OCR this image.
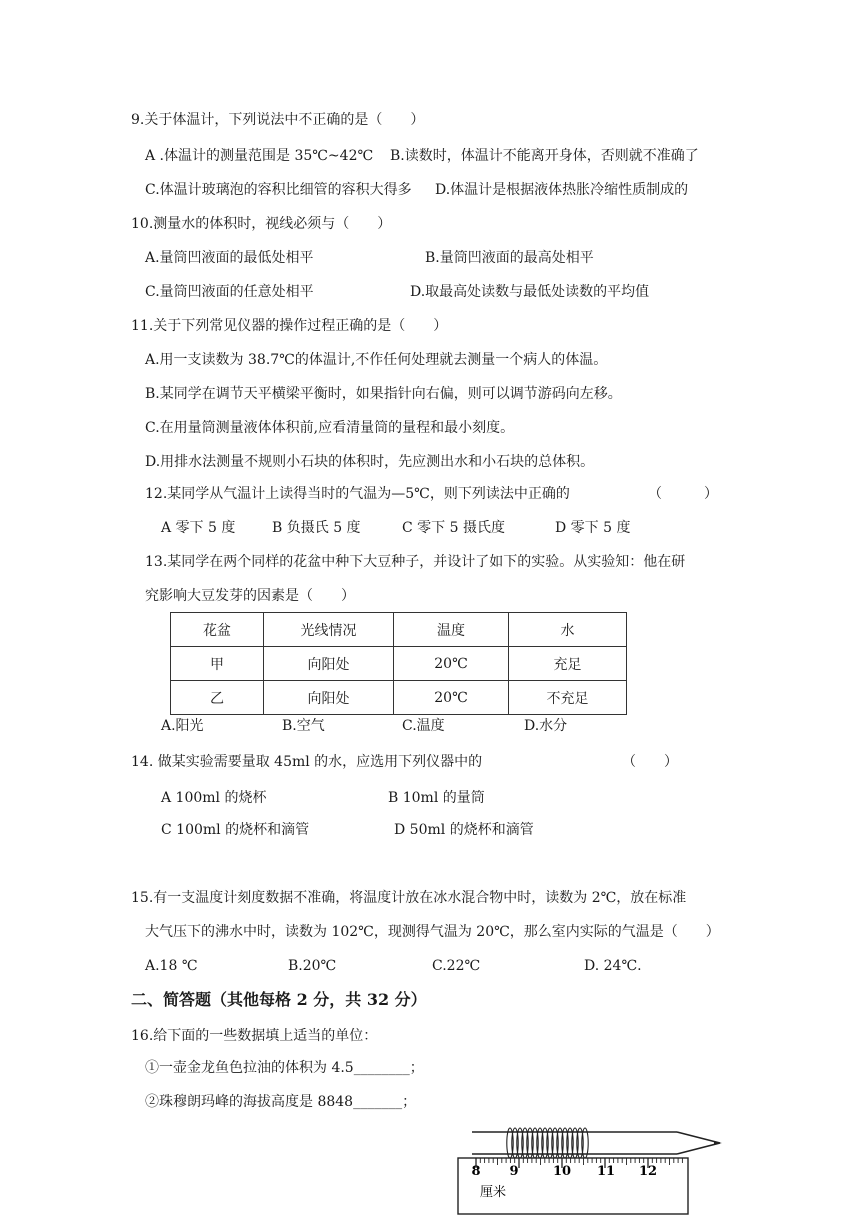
9.关于体温计，下列说法中不正确的是（　　）
A .体温计的测量范围是 35℃~42℃ B.读数时，体温计不能离开身体，否则就不准确了
C.体温计玻璃泡的容积比细管的容积大得多 D.体温计是根据液体热胀冷缩性质制成的
10.测量水的体积时，视线必须与（　　）
A.量筒凹液面的最低处相平	B.量筒凹液面的最高处相平
C.量筒凹液面的任意处相平	D.取最高处读数与最低处读数的平均值
11.关于下列常见仪器的操作过程正确的是（　　）
A.用一支读数为 38.7℃的体温计,不作任何处理就去测量一个病人的体温。
B.某同学在调节天平横梁平衡时，如果指针向右偏，则可以调节游码向左移。
C.在用量筒测量液体体积前,应看清量筒的量程和最小刻度。
D.用排水法测量不规则小石块的体积时，先应测出水和小石块的总体积。
12.某同学从气温计上读得当时的气温为—5℃，则下列读法中正确的	（　　　）
A 零下 5 度	B 负摄氏 5 度	C 零下 5 摄氏度	D 零下 5 度
13.某同学在两个同样的花盆中种下大豆种子，并设计了如下的实验。从实验知：他在研
究影响大豆发芽的因素是（　　）
花盆	光线情况	温度	水
甲	向阳处	20℃	充足
乙	向阳处	20℃	不充足
A.阳光	B.空气	C.温度	D.水分
14. 做某实验需要量取 45ml 的水，应选用下列仪器中的	（　　）
A 100ml 的烧杯	B 10ml 的量筒
C 100ml 的烧杯和滴管	D 50ml 的烧杯和滴管
15.有一支温度计刻度数据不准确，将温度计放在冰水混合物中时，读数为 2℃，放在标准
大气压下的沸水中时，读数为 102℃，现测得气温为 20℃，那么室内实际的气温是（　　）
A.18 ℃	B.20℃	C.22℃	D. 24℃.
二、简答题（其他每格 2 分，共 32 分）
16.给下面的一些数据填上适当的单位：
①一壶金龙鱼色拉油的体积为 4.5________；
②珠穆朗玛峰的海拔高度是 8848_______；
8 9	10 11 12
厘米
